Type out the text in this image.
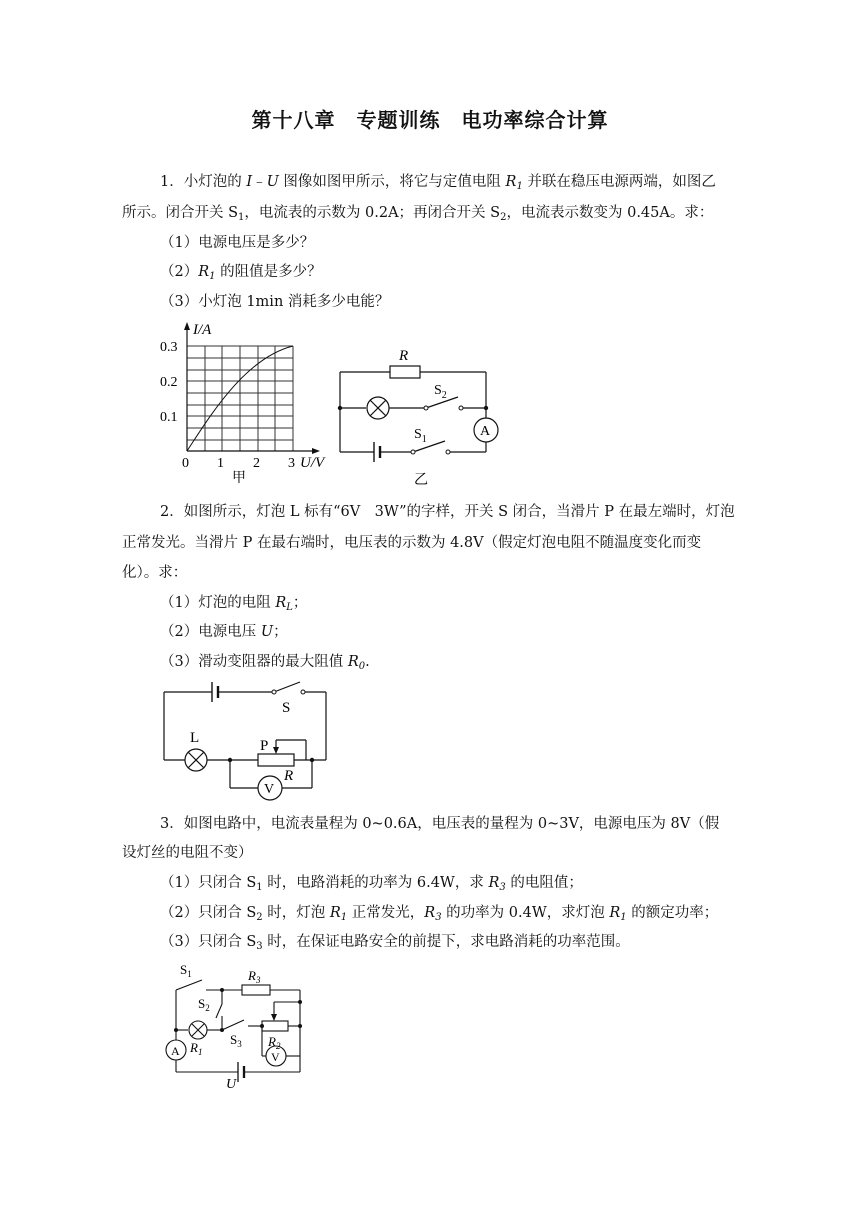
第十八章　专题训练　电功率综合计算
1．小灯泡的 I﹣U 图像如图甲所示，将它与定值电阻 $R_1$ 并联在稳压电源两端，如图乙
所示。闭合开关 $S_1$，电流表的示数为 0.2A；再闭合开关 $S_2$，电流表示数变为 0.45A。求：
（1）电源电压是多少？
$(2)R_1$ 的阻值是多少？
（3）小灯泡 1min 消耗多少电能？
I/A
0.3
0.2
0.1
0 1 2 3 U/V
甲
R
$S_2$
$S_1$
A
乙
2．如图所示，灯泡 L 标有“6V　3W”的字样，开关 S 闭合，当滑片 P 在最左端时，灯泡
正常发光。当滑片 P 在最右端时，电压表的示数为 4.8V（假定灯泡电阻不随温度变化而变
化）。求：
（1）灯泡的电阻 $R_L$；
（2）电源电压 U；
（3）滑动变阻器的最大阻值 $R_0$.
S
L	P
R
V
3．如图电路中，电流表量程为 0~0.6A，电压表的量程为 0~3V，电源电压为 8V（假
设灯丝的电阻不变）
（1）只闭合 $S_1$ 时，电路消耗的功率为 6.4W，求 $R_3$ 的电阻值；
（2）只闭合 $S_2$ 时，灯泡 $R_1$ 正常发光，$R_3$ 的功率为 0.4W，求灯泡 $R_1$ 的额定功率；
（3）只闭合 $S_3$ 时，在保证电路安全的前提下，求电路消耗的功率范围。
$S_1$	$R_3$
$S_2$
$S_3$
$R_1$
$R_2$
A	V
U
